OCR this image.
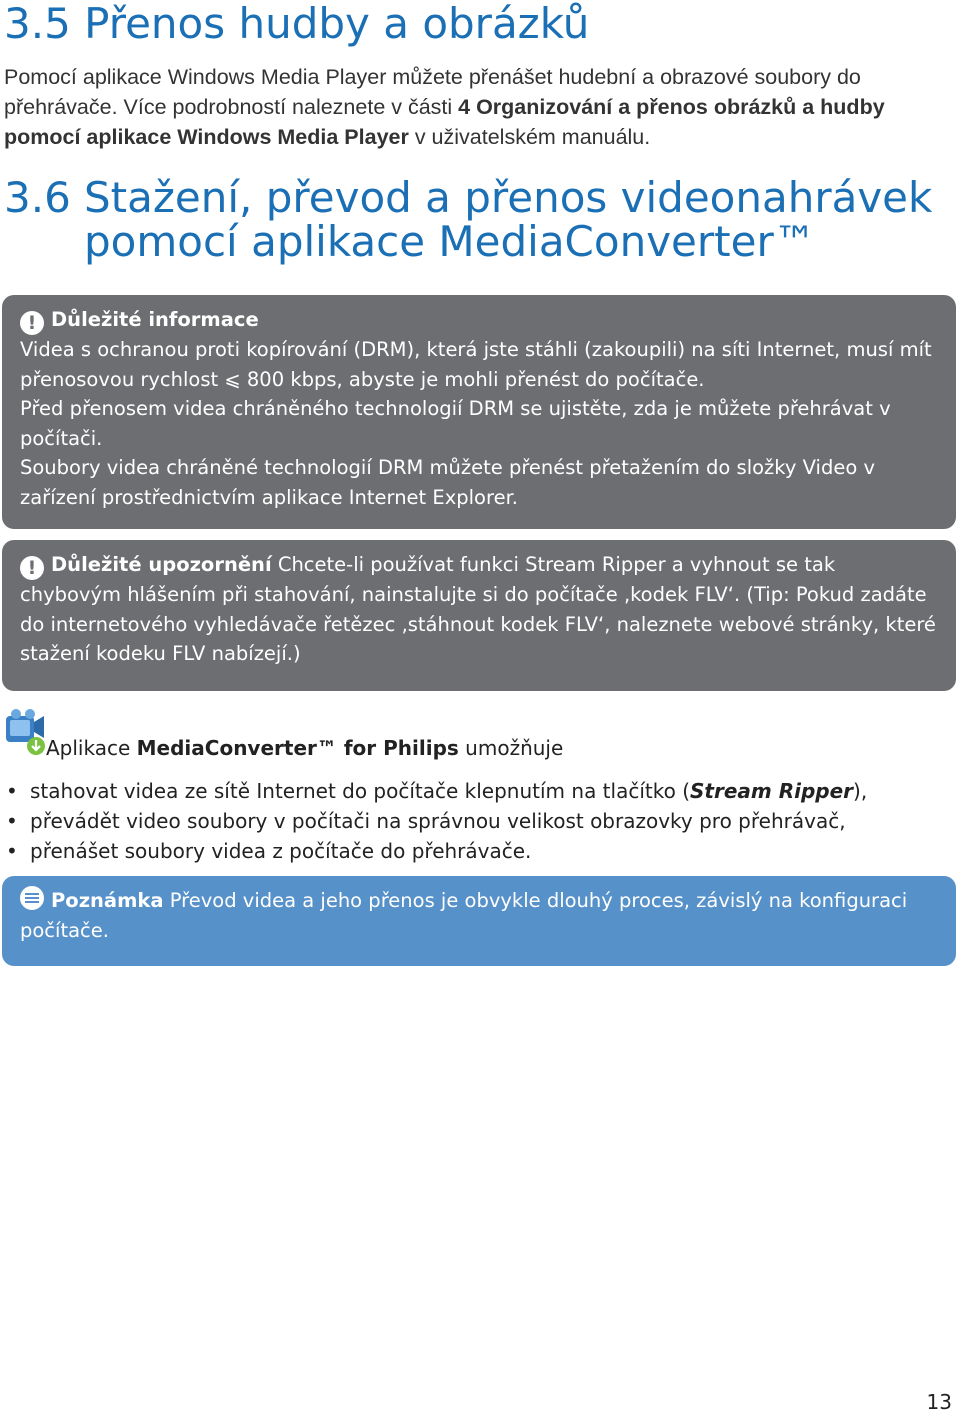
3.5 Přenos hudby a obrázků

Pomocí aplikace Windows Media Player můžete přenášet hudební a obrazové soubory do přehrávače. Více podrobností naleznete v části 4 Organizování a přenos obrázků a hudby pomocí aplikace Windows Media Player v uživatelském manuálu.

3.6 Stažení, převod a přenos videonahrávek
pomocí aplikace MediaConverter™

! Důležité informace

Videa s ochranou proti kopírování (DRM), která jste stáhli (zakoupili) na síti Internet, musí mít přenosovou rychlost ⩽ 800 kbps, abyste je mohli přenést do počítače.

Před přenosem videa chráněného technologií DRM se ujistěte, zda je můžete přehrávat v počítači.

Soubory videa chráněné technologií DRM můžete přenést přetažením do složky Video v zařízení prostřednictvím aplikace Internet Explorer.

! Důležité upozornění Chcete-li používat funkci Stream Ripper a vyhnout se tak chybovým hlášením při stahování, nainstalujte si do počítače ‚kodek FLV‘. (Tip: Pokud zadáte do internetového vyhledávače řetězec ‚stáhnout kodek FLV‘, naleznete webové stránky, které stažení kodeku FLV nabízejí.)

Aplikace MediaConverter™ for Philips umožňuje
• stahovat videa ze sítě Internet do počítače klepnutím na tlačítko (Stream Ripper),
• převádět video soubory v počítači na správnou velikost obrazovky pro přehrávač,
• přenášet soubory videa z počítače do přehrávače.

Poznámka Převod videa a jeho přenos je obvykle dlouhý proces, závislý na konfiguraci počítače.

13
